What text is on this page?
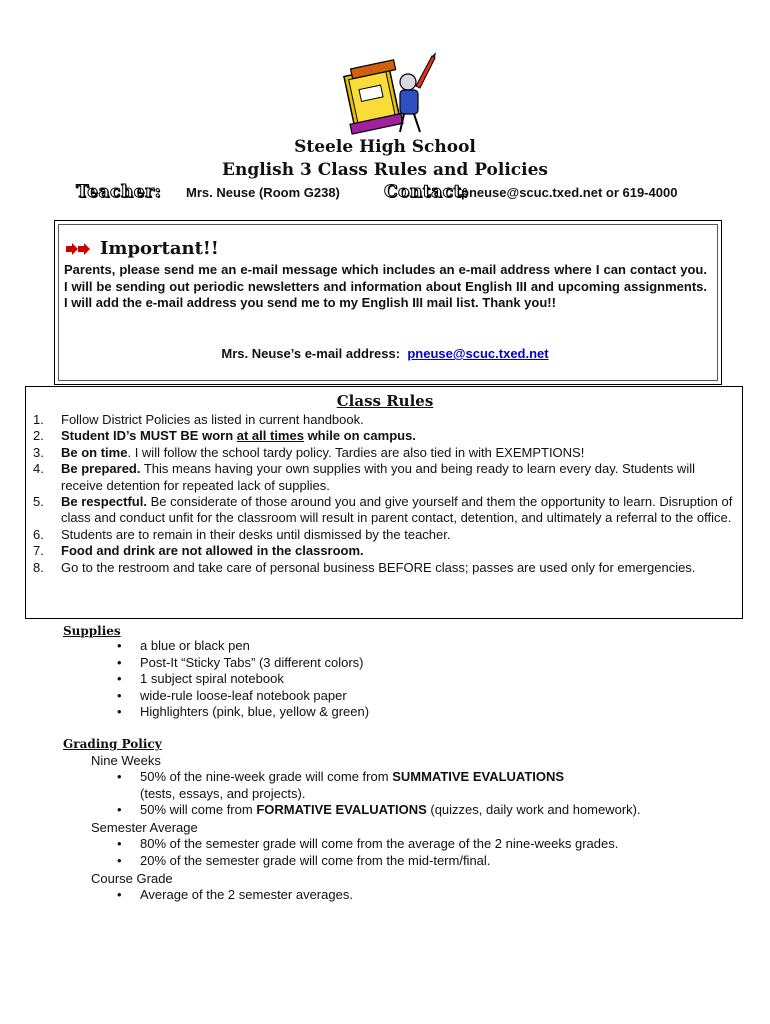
Steele High School
English 3 Class Rules and Policies
Teacher: Mrs. Neuse (Room G238)	Contact:
pneuse@scuc.txed.net or 619-4000
Important!!
Parents, please send me an e-mail message which includes an e-mail address where I can contact you. I will be sending out periodic newsletters and information about English III and upcoming assignments. I will add the e-mail address you send me to my English III mail list. Thank you!!
Mrs. Neuse’s e-mail address: pneuse@scuc.txed.net
Class Rules
1.	Follow District Policies as listed in current handbook.
2.	Student ID’s MUST BE worn at all times while on campus.
3.	Be on time. I will follow the school tardy policy. Tardies are also tied in with EXEMPTIONS!
4.	Be prepared. This means having your own supplies with you and being ready to learn every day. Students will receive detention for repeated lack of supplies.
5.	Be respectful. Be considerate of those around you and give yourself and them the opportunity to learn. Disruption of class and conduct unfit for the classroom will result in parent contact, detention, and ultimately a referral to the office.
6.	Students are to remain in their desks until dismissed by the teacher.
7.	Food and drink are not allowed in the classroom.
8.	Go to the restroom and take care of personal business BEFORE class; passes are used only for emergencies.
Supplies
•	a blue or black pen
•	Post-It “Sticky Tabs” (3 different colors)
•	1 subject spiral notebook
•	wide-rule loose-leaf notebook paper
•	Highlighters (pink, blue, yellow & green)
Grading Policy
Nine Weeks
•	50% of the nine-week grade will come from SUMMATIVE EVALUATIONS
(tests, essays, and projects).
•	50% will come from FORMATIVE EVALUATIONS (quizzes, daily work and homework).
Semester Average
•	80% of the semester grade will come from the average of the 2 nine-weeks grades.
•	20% of the semester grade will come from the mid-term/final.
Course Grade
•	Average of the 2 semester averages.
